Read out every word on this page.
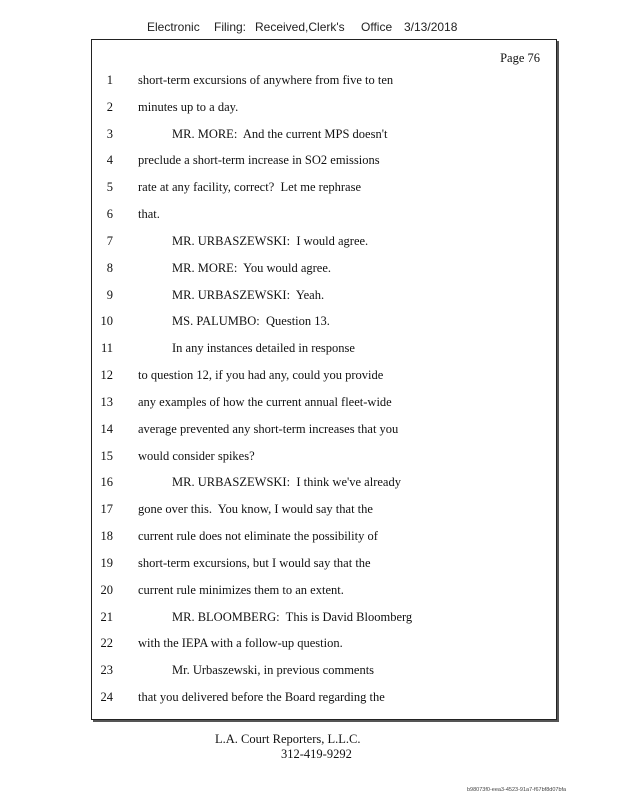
Electronic Filing: Received,Clerk's Office 3/13/2018
Page 76
1 short-term excursions of anywhere from five to ten
2 minutes up to a day.
3	MR. MORE:  And the current MPS doesn't
4 preclude a short-term increase in SO2 emissions
5 rate at any facility, correct?  Let me rephrase
6 that.
7	MR. URBASZEWSKI:  I would agree.
8	MR. MORE:  You would agree.
9	MR. URBASZEWSKI:  Yeah.
10	MS. PALUMBO:  Question 13.
11	In any instances detailed in response
12 to question 12, if you had any, could you provide
13 any examples of how the current annual fleet-wide
14 average prevented any short-term increases that you
15 would consider spikes?
16	MR. URBASZEWSKI:  I think we've already
17 gone over this.  You know, I would say that the
18 current rule does not eliminate the possibility of
19 short-term excursions, but I would say that the
20 current rule minimizes them to an extent.
21	MR. BLOOMBERG:  This is David Bloomberg
22 with the IEPA with a follow-up question.
23	Mr. Urbaszewski, in previous comments
24 that you delivered before the Board regarding the
L.A. Court Reporters, L.L.C.
312-419-9292
b98073f0-eea3-4523-91a7-f67bf8d07bfa
